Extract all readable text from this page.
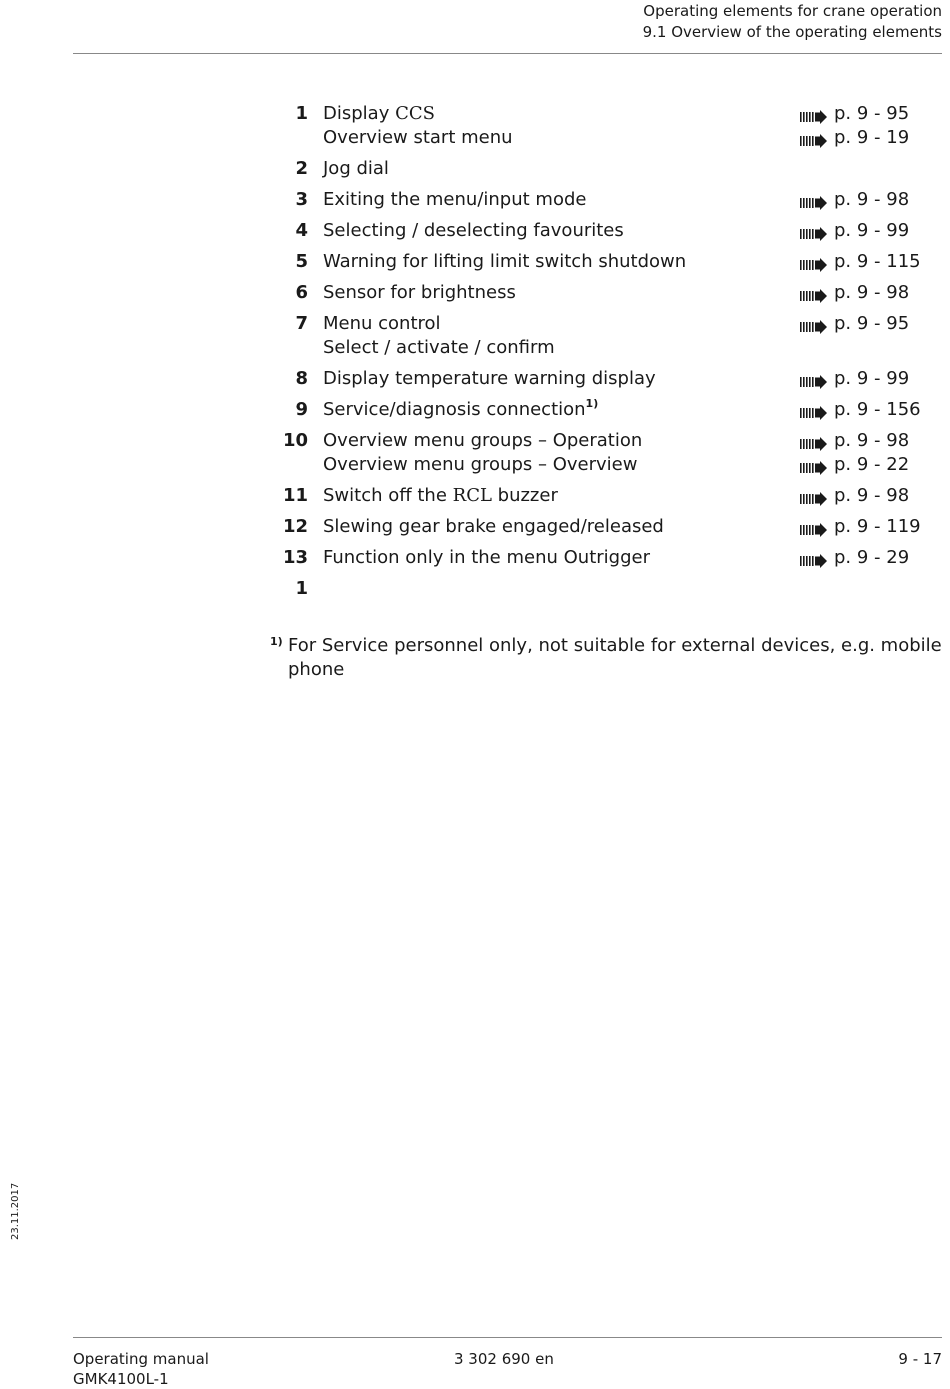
Operating elements for crane operation
9.1 Overview of the operating elements
1 Display CCS	p. 9 - 95
Overview start menu	p. 9 - 19
2 Jog dial
3 Exiting the menu/input mode	p. 9 - 98
4 Selecting / deselecting favourites	p. 9 - 99
5 Warning for lifting limit switch shutdown	p. 9 - 115
6 Sensor for brightness	p. 9 - 98
7 Menu control	p. 9 - 95
Select / activate / confirm
8 Display temperature warning display	p. 9 - 99
9 Service/diagnosis connection$^{1)}$	p. 9 - 156
10 Overview menu groups – Operation	p. 9 - 98
Overview menu groups – Overview	p. 9 - 22
11 Switch off the RCL buzzer	p. 9 - 98
12 Slewing gear brake engaged/released	p. 9 - 119
13 Function only in the menu Outrigger	p. 9 - 29
1
1) For Service personnel only, not suitable for external devices, e.g. mobile phone
23.11.2017
Operating manual
GMK4100L-1
3 302 690 en	9 - 17
